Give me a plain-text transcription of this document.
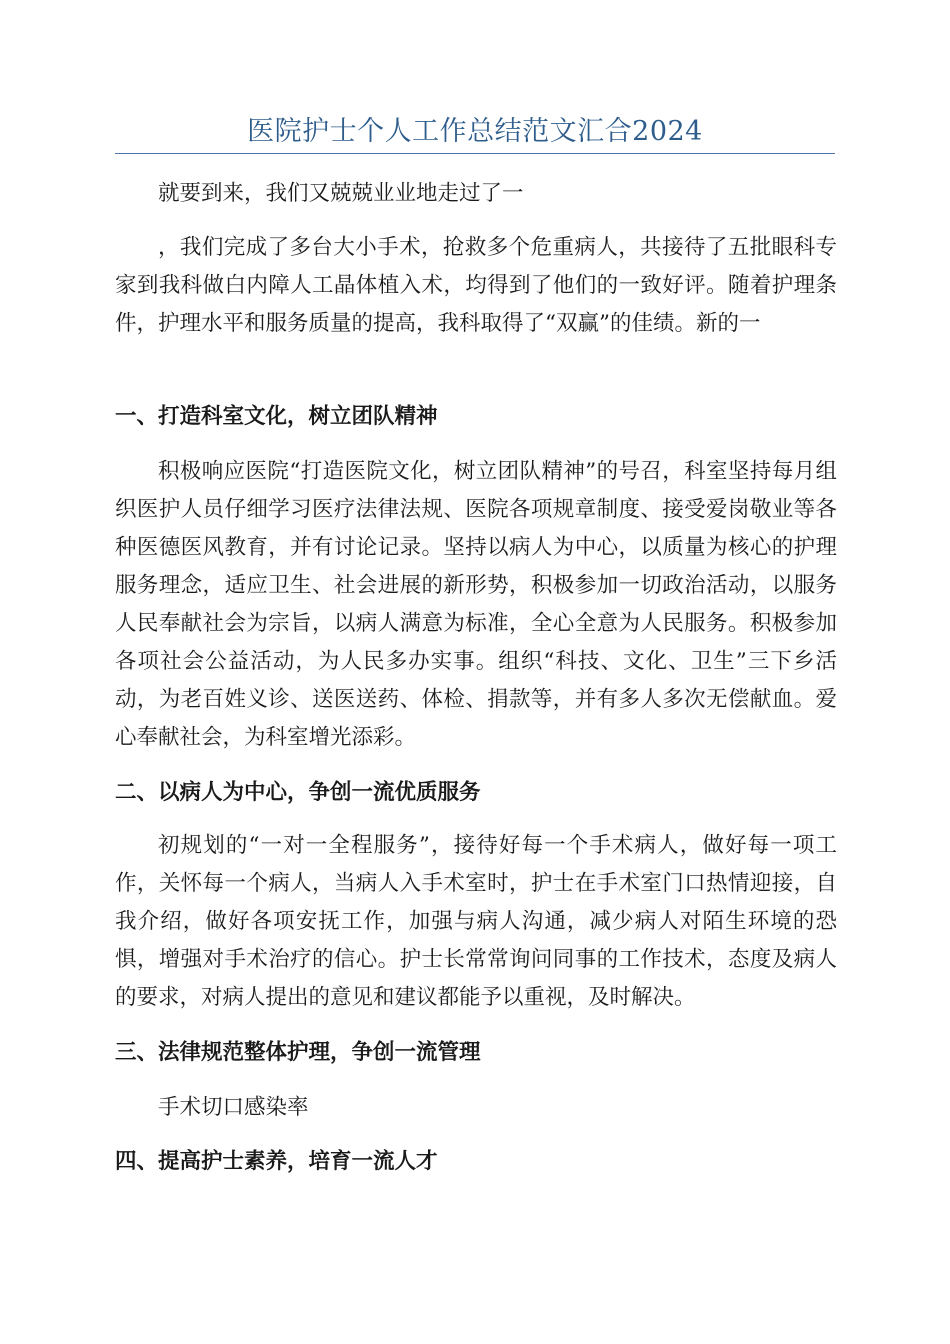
医院护士个人工作总结范文汇合2024

就要到来，我们又兢兢业业地走过了一

，我们完成了多台大小手术，抢救多个危重病人，共接待了五批眼科专家到我科做白内障人工晶体植入术，均得到了他们的一致好评。随着护理条件，护理水平和服务质量的提高，我科取得了“双赢”的佳绩。新的一

一、打造科室文化，树立团队精神

积极响应医院“打造医院文化，树立团队精神”的号召，科室坚持每月组织医护人员仔细学习医疗法律法规、医院各项规章制度、接受爱岗敬业等各种医德医风教育，并有讨论记录。坚持以病人为中心，以质量为核心的护理服务理念，适应卫生、社会进展的新形势，积极参加一切政治活动，以服务人民奉献社会为宗旨，以病人满意为标准，全心全意为人民服务。积极参加各项社会公益活动，为人民多办实事。组织“科技、文化、卫生”三下乡活动，为老百姓义诊、送医送药、体检、捐款等，并有多人多次无偿献血。爱心奉献社会，为科室增光添彩。

二、以病人为中心，争创一流优质服务

初规划的“一对一全程服务”，接待好每一个手术病人，做好每一项工作，关怀每一个病人，当病人入手术室时，护士在手术室门口热情迎接，自我介绍，做好各项安抚工作，加强与病人沟通，减少病人对陌生环境的恐惧，增强对手术治疗的信心。护士长常常询问同事的工作技术，态度及病人的要求，对病人提出的意见和建议都能予以重视，及时解决。

三、法律规范整体护理，争创一流管理

手术切口感染率

四、提高护士素养，培育一流人才
